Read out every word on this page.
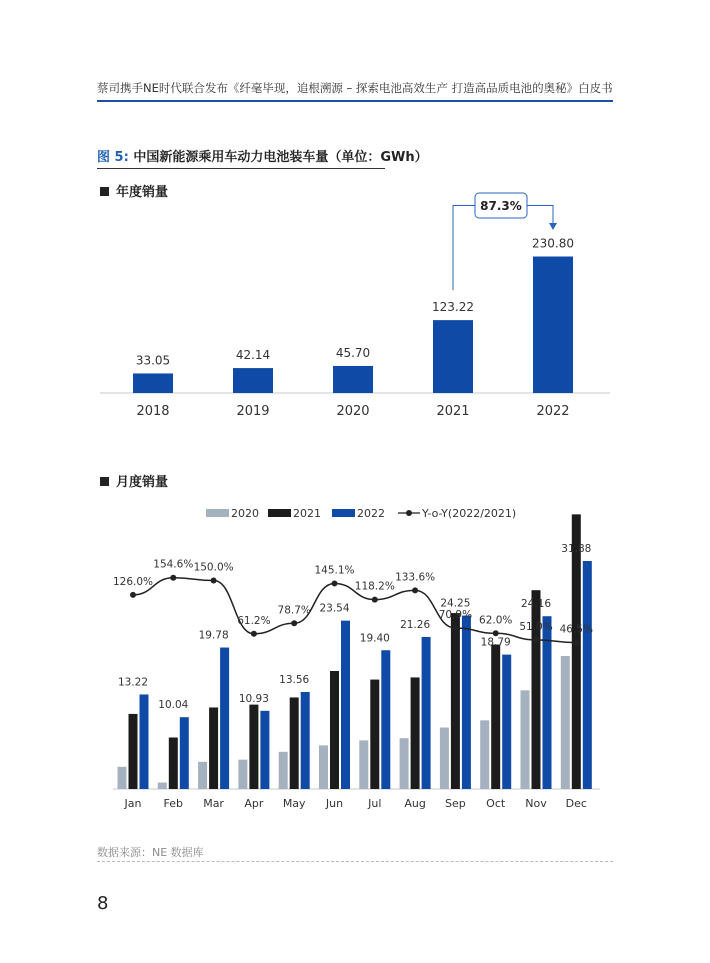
蔡司携手NE时代联合发布《纤毫毕现，追根溯源 – 探索电池高效生产 打造高品质电池的奥秘》白皮书
图 5: 中国新能源乘用车动力电池装车量（单位：GWh）
年度销量
月度销量
33.05
2018
42.14
2019
45.70
2020
123.22
2021
230.80
2022
87.3%
2020	2021	2022	Y-o-Y(2022/2021)
13.22
Jan
10.04
Feb
19.78
Mar
10.93
Apr
13.56
May
23.54
Jun
19.40
Jul
21.26
Aug
24.25
Sep
18.79
Oct
24.16
Nov
31.88
Dec
126.0%
154.6% 150.0%
61.2%
78.7%
145.1%
118.2%
133.6%
70.9% 62.0%
51.0% 46.5%
数据来源：NE 数据库
8
